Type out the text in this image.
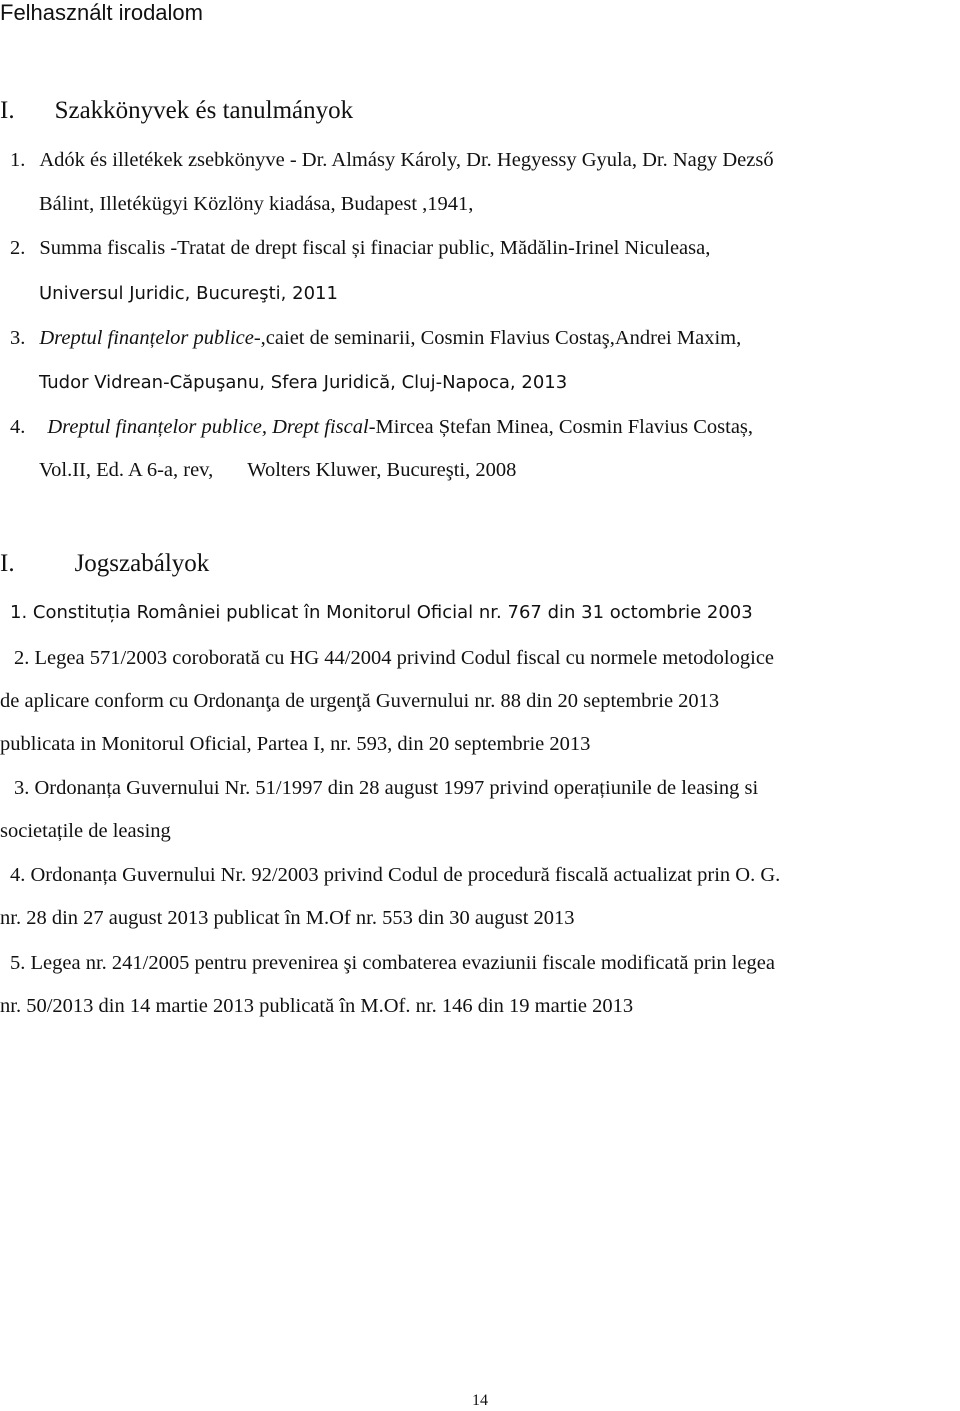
Felhasznált irodalom
I. Szakkönyvek és tanulmányok
1. Adók és illetékek zsebkönyve - Dr. Almásy Károly, Dr. Hegyessy Gyula, Dr. Nagy Dezső
Bálint, Illetékügyi Közlöny kiadása, Budapest ,1941,
2. Summa fiscalis -Tratat de drept fiscal și finaciar public, Mădălin-Irinel Niculeasa,
Universul Juridic, Bucureşti, 2011
3. Dreptul finanțelor publice-,caiet de seminarii, Cosmin Flavius Costaş,Andrei Maxim,
Tudor Vidrean-Căpuşanu, Sfera Juridică, Cluj-Napoca, 2013
4. Dreptul finanțelor publice, Drept fiscal-Mircea Ștefan Minea, Cosmin Flavius Costaș,
Vol.II, Ed. A 6-a, rev, Wolters Kluwer, Bucureşti, 2008
I. Jogszabályok
1. Constituția României publicat în Monitorul Oficial nr. 767 din 31 octombrie 2003
2. Legea 571/2003 coroborată cu HG 44/2004 privind Codul fiscal cu normele metodologice
de aplicare conform cu Ordonanţa de urgenţă Guvernului nr. 88 din 20 septembrie 2013
publicata in Monitorul Oficial, Partea I, nr. 593, din 20 septembrie 2013
3. Ordonanța Guvernului Nr. 51/1997 din 28 august 1997 privind operațiunile de leasing si
societațile de leasing
4. Ordonanța Guvernului Nr. 92/2003 privind Codul de procedură fiscală actualizat prin O. G.
nr. 28 din 27 august 2013 publicat în M.Of nr. 553 din 30 august 2013
5. Legea nr. 241/2005 pentru prevenirea şi combaterea evaziunii fiscale modificată prin legea
nr. 50/2013 din 14 martie 2013 publicată în M.Of. nr. 146 din 19 martie 2013
14
